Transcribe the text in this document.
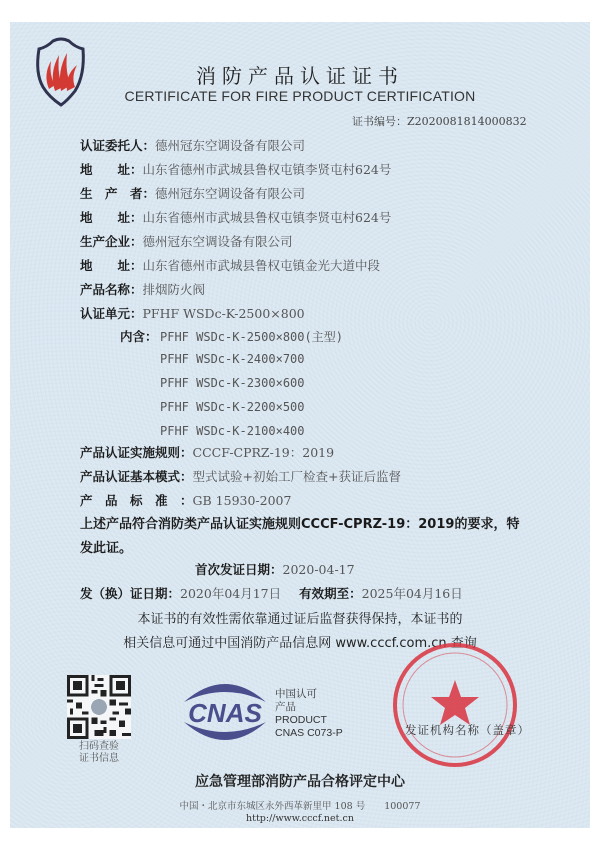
消防产品认证证书
CERTIFICATE FOR FIRE PRODUCT CERTIFICATION
证书编号：Z2020081814000832
认证委托人：德州冠东空调设备有限公司
地　　址：山东省德州市武城县鲁权屯镇李贤屯村624号
生　产　者：德州冠东空调设备有限公司
地　　址：山东省德州市武城县鲁权屯镇李贤屯村624号
生产企业：德州冠东空调设备有限公司
地　　址：山东省德州市武城县鲁权屯镇金光大道中段
产品名称：排烟防火阀
认证单元：PFHF WSDc-K-2500×800
内含： PFHF WSDc-K-2500×800(主型)
PFHF WSDc-K-2400×700
PFHF WSDc-K-2300×600
PFHF WSDc-K-2200×500
PFHF WSDc-K-2100×400
产品认证实施规则：CCCF-CPRZ-19：2019
产品认证基本模式：型式试验+初始工厂检查+获证后监督
产　品　标　准　：GB 15930-2007
上述产品符合消防类产品认证实施规则CCCF-CPRZ-19：2019的要求，特发此证。
首次发证日期：2020-04-17
发（换）证日期：2020年04月17日 有效期至：2025年04月16日
本证书的有效性需依靠通过证后监督获得保持，本证书的
相关信息可通过中国消防产品信息网 www.cccf.com.cn 查询
扫码查验
证书信息
CNAS
中国认可
产品
PRODUCT
CNAS C073-P	发证机构名称（盖章）
应急管理部消防产品合格评定中心
中国・北京市东城区永外西革新里甲 108 号　　100077
http://www.cccf.net.cn
